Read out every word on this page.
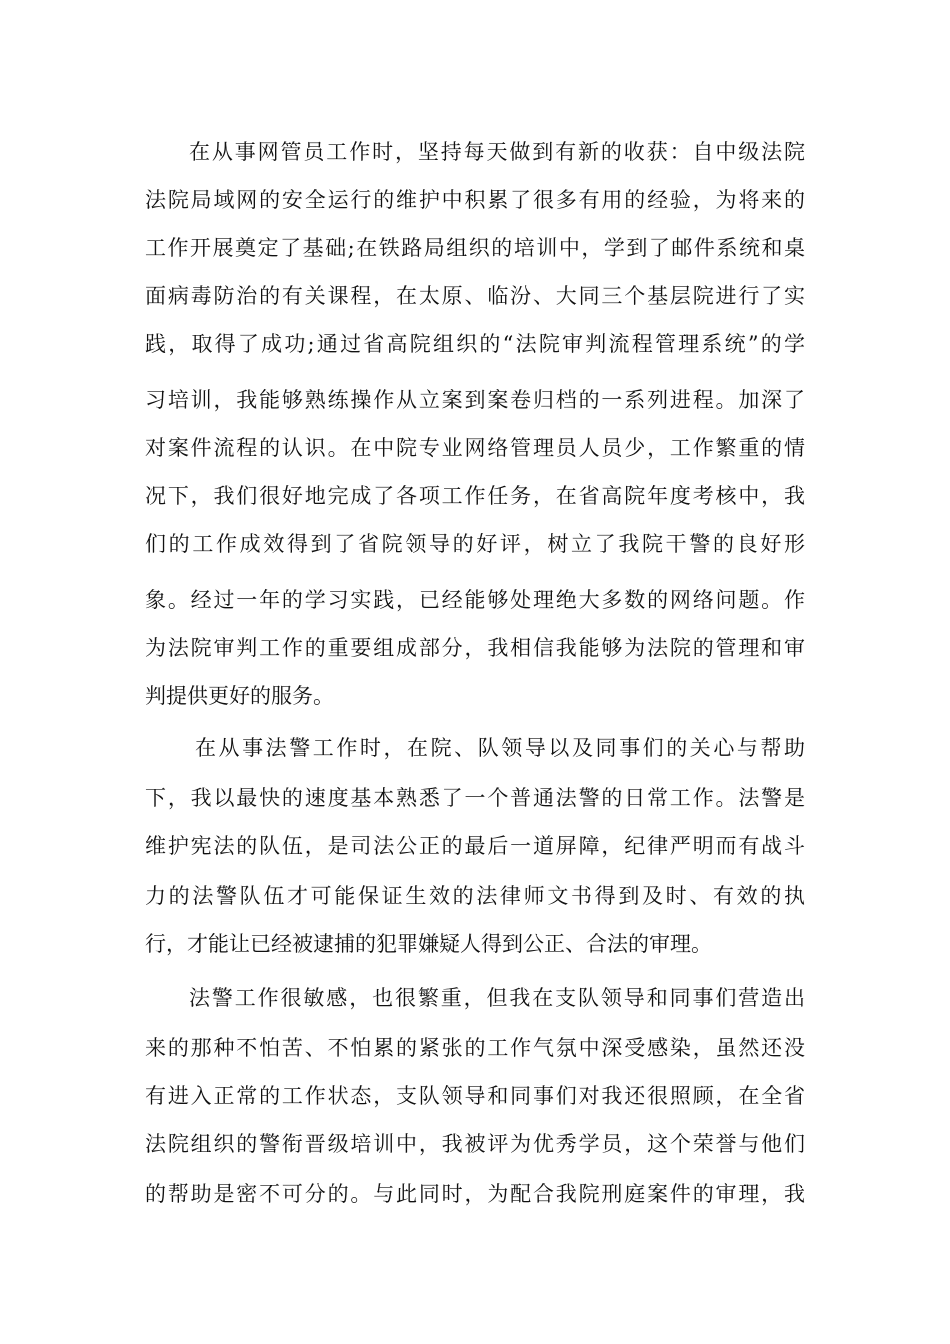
在从事网管员工作时，坚持每天做到有新的收获：自中级法院
法院局域网的安全运行的维护中积累了很多有用的经验，为将来的
工作开展奠定了基础;在铁路局组织的培训中，学到了邮件系统和桌
面病毒防治的有关课程，在太原、临汾、大同三个基层院进行了实
践，取得了成功;通过省高院组织的“法院审判流程管理系统”的学
习培训，我能够熟练操作从立案到案卷归档的一系列进程。加深了
对案件流程的认识。在中院专业网络管理员人员少，工作繁重的情
况下，我们很好地完成了各项工作任务，在省高院年度考核中，我
们的工作成效得到了省院领导的好评，树立了我院干警的良好形
象。经过一年的学习实践，已经能够处理绝大多数的网络问题。作
为法院审判工作的重要组成部分，我相信我能够为法院的管理和审
判提供更好的服务。
在从事法警工作时，在院、队领导以及同事们的关心与帮助
下，我以最快的速度基本熟悉了一个普通法警的日常工作。法警是
维护宪法的队伍，是司法公正的最后一道屏障，纪律严明而有战斗
力的法警队伍才可能保证生效的法律师文书得到及时、有效的执
行，才能让已经被逮捕的犯罪嫌疑人得到公正、合法的审理。
法警工作很敏感，也很繁重，但我在支队领导和同事们营造出
来的那种不怕苦、不怕累的紧张的工作气氛中深受感染，虽然还没
有进入正常的工作状态，支队领导和同事们对我还很照顾，在全省
法院组织的警衔晋级培训中，我被评为优秀学员，这个荣誉与他们
的帮助是密不可分的。与此同时，为配合我院刑庭案件的审理，我
